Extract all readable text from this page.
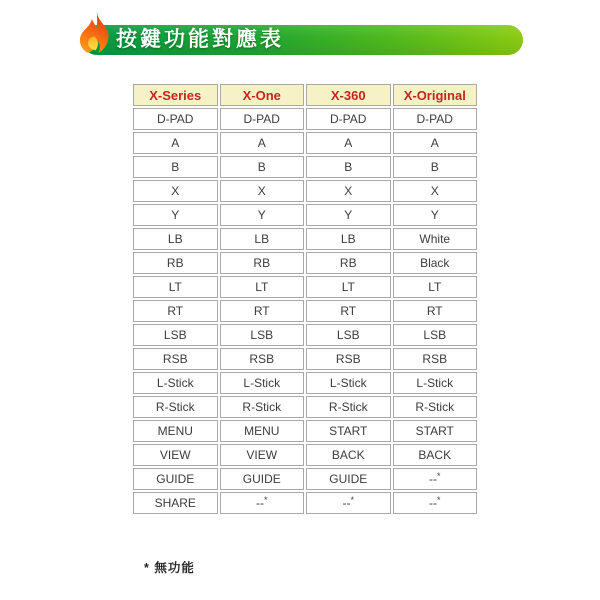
按鍵功能對應表
X-Series	X-One	X-360	X-Original
D-PAD	D-PAD	D-PAD	D-PAD
A	A	A	A
B	B	B	B
X	X	X	X
Y	Y	Y	Y
LB	LB	LB	White
RB	RB	RB	Black
LT	LT	LT	LT
RT	RT	RT	RT
LSB	LSB	LSB	LSB
RSB	RSB	RSB	RSB
L-Stick	L-Stick	L-Stick	L-Stick
R-Stick	R-Stick	R-Stick	R-Stick
MENU	MENU	START	START
VIEW	VIEW	BACK	BACK
GUIDE	GUIDE	GUIDE	--*
SHARE	--*	--*	--*
* 無功能
